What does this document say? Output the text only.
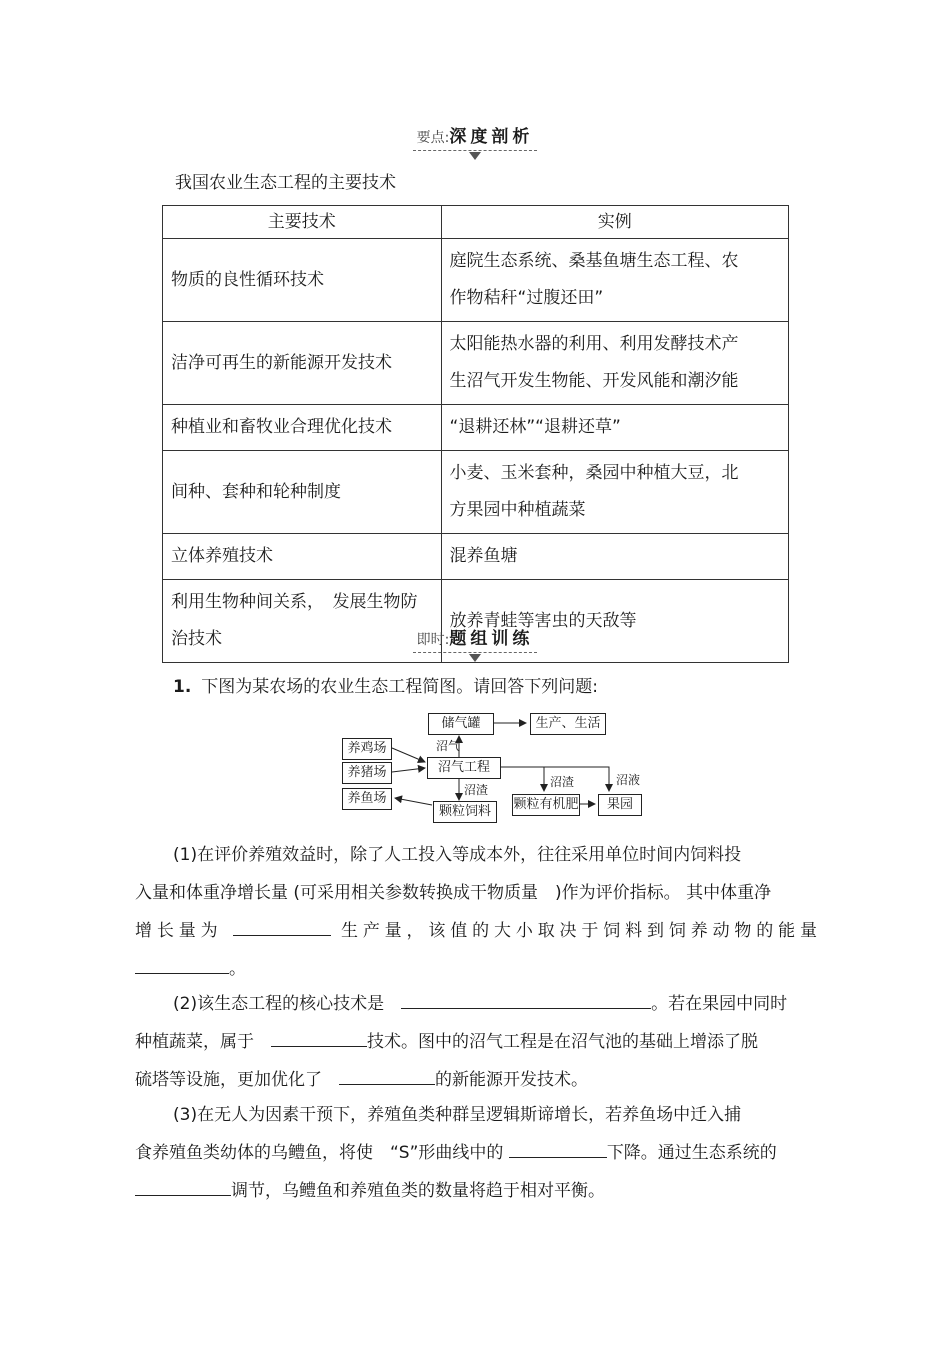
要点:深度剖析
我国农业生态工程的主要技术
主要技术	实例
物质的良性循环技术	庭院生态系统、桑基鱼塘生态工程、农
作物秸秆“过腹还田”

洁净可再生的新能源开发技术	太阳能热水器的利用、利用发酵技术产
生沼气开发生物能、开发风能和潮汐能

种植业和畜牧业合理优化技术	“退耕还林”“退耕还草”

间种、套种和轮种制度	小麦、玉米套种，桑园中种植大豆，北
方果园中种植蔬菜

立体养殖技术	混养鱼塘

利用生物种间关系，　发展生物防
治技术	放养青蛙等害虫的天敌等
即时:题组训练
1. 下图为某农场的农业生态工程简图。请回答下列问题:
储气罐	生产、生活
养鸡场
养猪场
养鱼场
沼气工程
颗粒饲料	颗粒有机肥	果园
沼气
沼渣
沼渣	沼液

(1)在评价养殖效益时，除了人工投入等成本外，往往采用单位时间内饲料投

入量和体重净增长量 (可采用相关参数转换成干物质量　)作为评价指标。 其中体重净

增长量为	生产量，该值的大小取决于饲料到饲养动物的能量

。

(2)该生态工程的核心技术是　	。若在果园中同时

种植蔬菜，属于　	技术。图中的沼气工程是在沼气池的基础上增添了脱

硫塔等设施，更加优化了　	的新能源开发技术。

(3)在无人为因素干预下，养殖鱼类种群呈逻辑斯谛增长，若养鱼场中迁入捕

食养殖鱼类幼体的乌鳢鱼，将使　“S”形曲线中的	下降。通过生态系统的

调节，乌鳢鱼和养殖鱼类的数量将趋于相对平衡。
